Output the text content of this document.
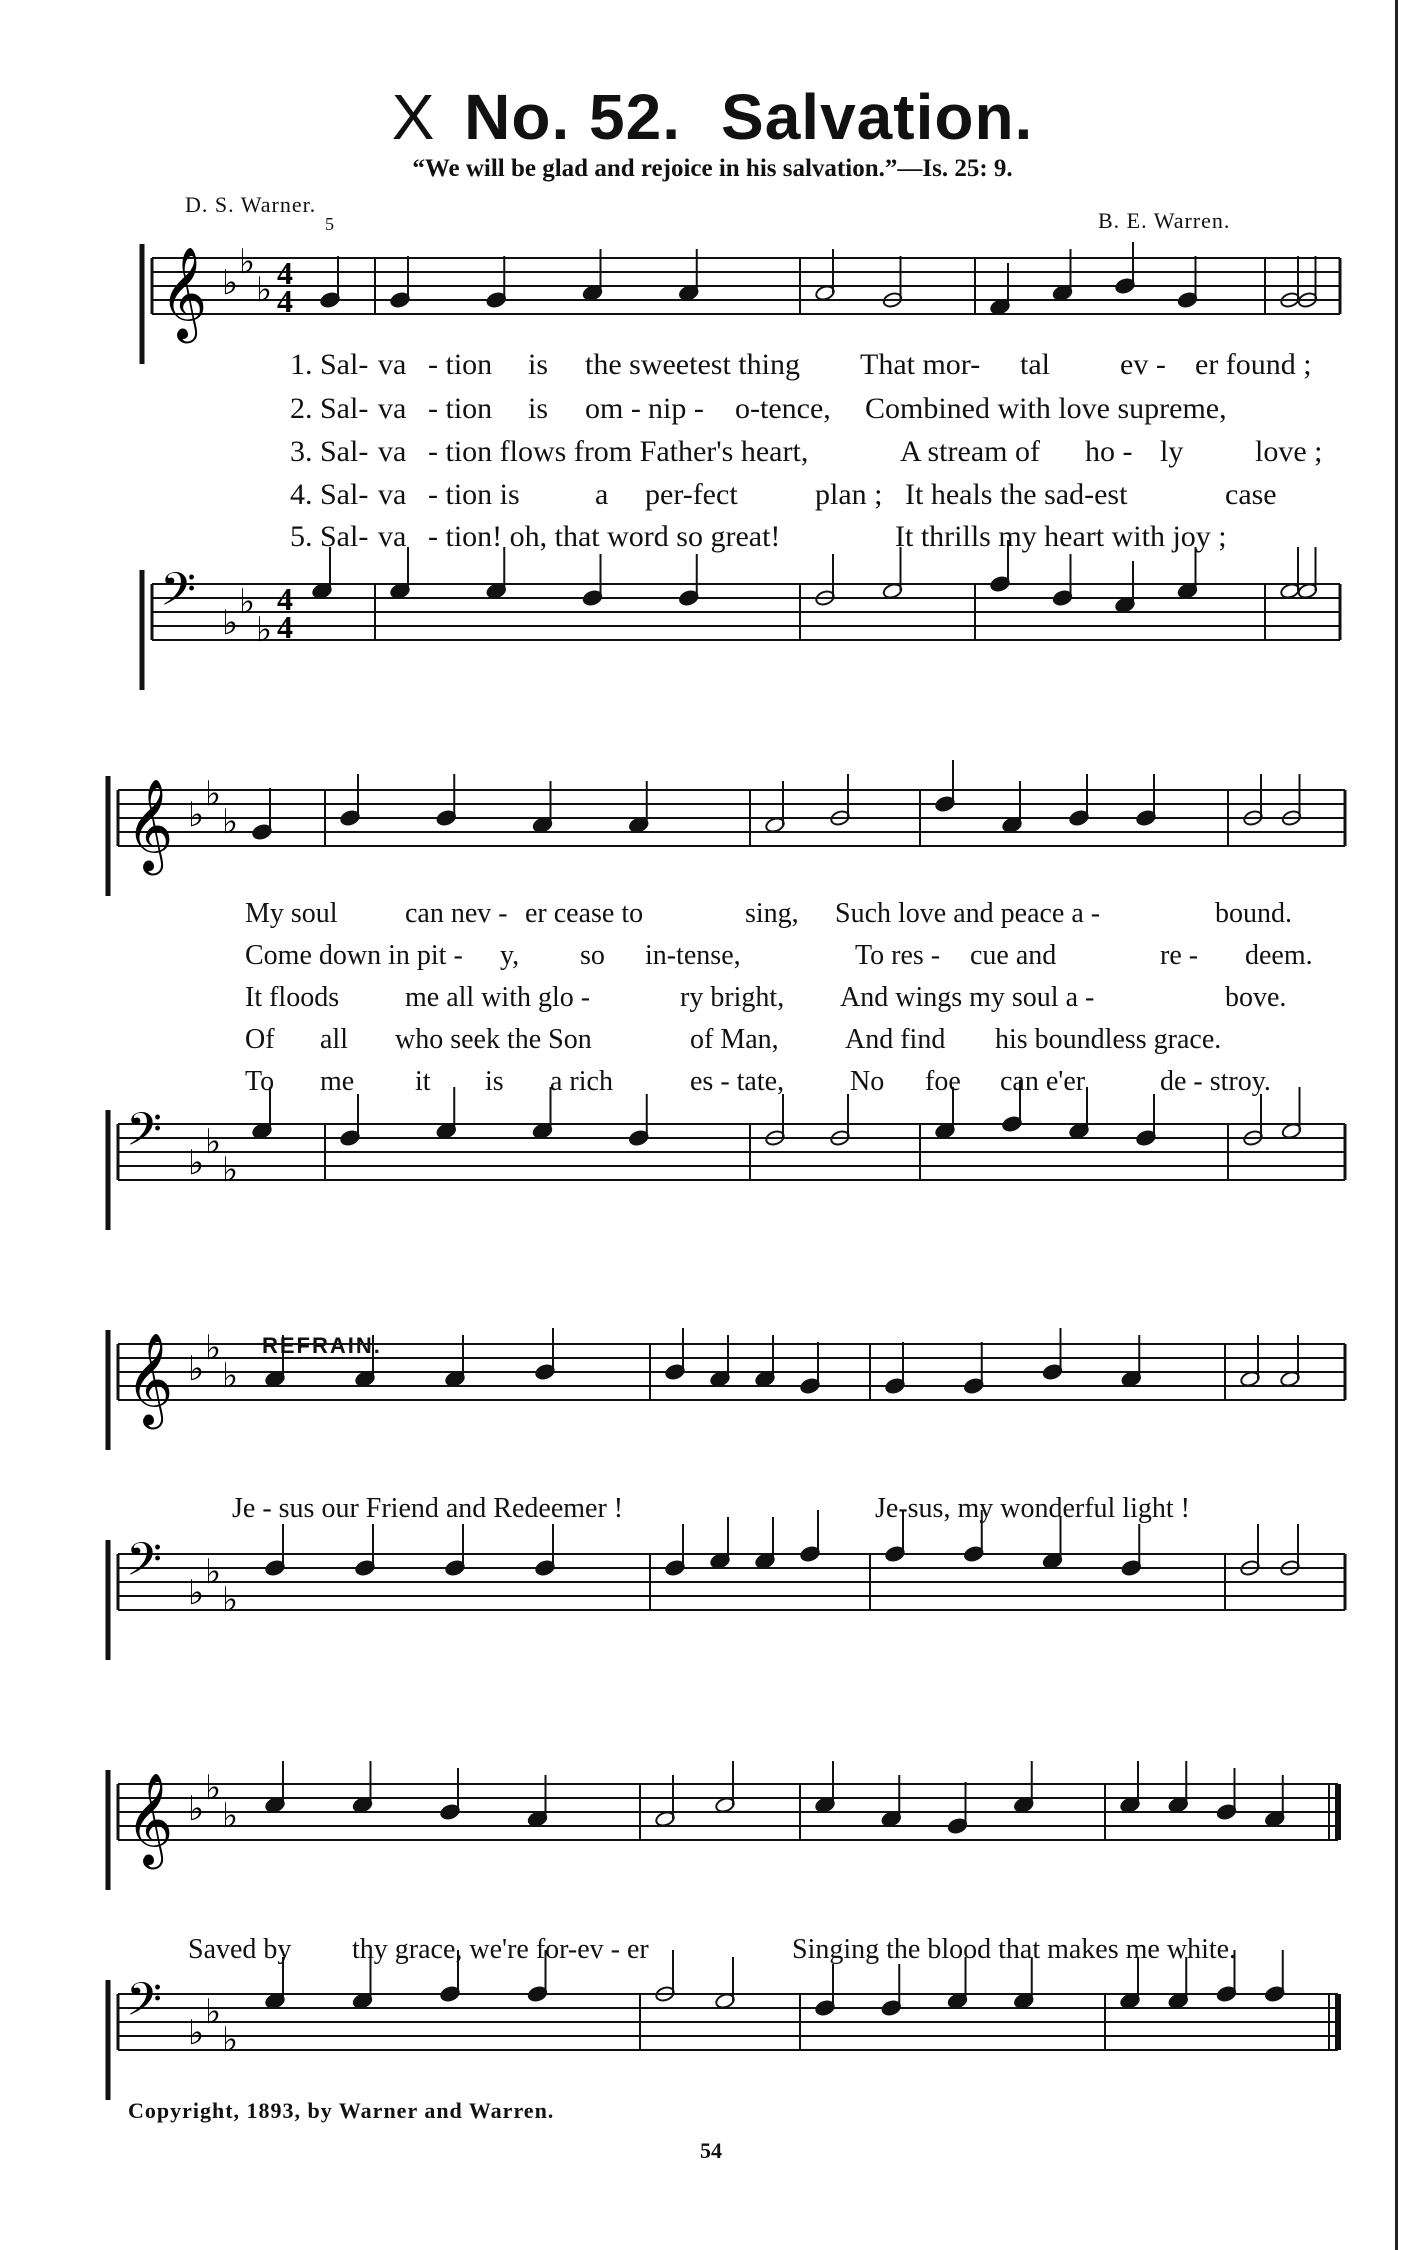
X No. 52. Salvation.
“We will be glad and rejoice in his salvation.”—Is. 25: 9.
D. S. Warner.
5	B. E. Warren.
𝄞 ♭
♭
♭ 4
4
1. Sal- va - tion is the sweetest thing That mor- tal ev - er found ;
2. Sal- va - tion is om - nip - o-tence, Combined with love supreme,
3. Sal- va - tion flows from Father's heart,	A stream of ho - ly love ;
4. Sal- va - tion is	a per-fect	plan ; It heals the sad-est	case
5. Sal- va - tion! oh, that word so great!	It thrills my heart with joy ;
𝄢 ♭
♭
♭
4
4
𝄞 ♭
♭
♭
My soul can nev - er cease to	sing, Such love and peace a -	bound.
Come down in pit - y, so in-tense,	To res - cue and	re - deem.
It floods me all with glo -	ry bright, And wings my soul a -	bove.
Of all who seek the Son	of Man, And find his boundless grace.
To me it is a rich	es - tate, No foe can e'er	de - stroy.
𝄢 ♭
♭
♭
REFRAIN.
𝄞 ♭
♭
♭
Je - sus our Friend and Redeemer !	Je-sus, my wonderful light !
𝄢 ♭
♭
♭
𝄞 ♭
♭
♭
Saved by thy grace, we're for-ev - er	Singing the blood that makes me white.
𝄢 ♭
♭
♭
Copyright, 1893, by Warner and Warren.
54
